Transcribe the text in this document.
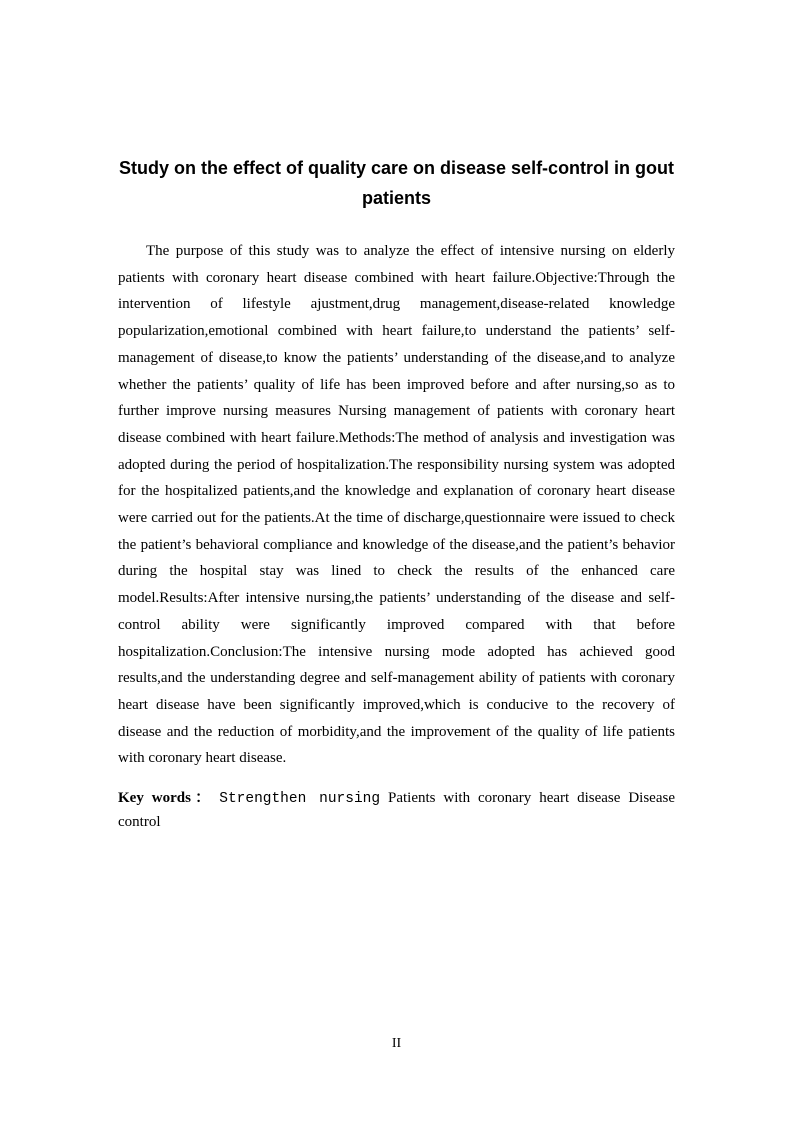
Study on the effect of quality care on disease self-control in gout patients

The purpose of this study was to analyze the effect of intensive nursing on elderly patients with coronary heart disease combined with heart failure.Objective:Through the intervention of lifestyle ajustment,drug management,disease-related knowledge popularization,emotional combined with heart failure,to understand the patients’ self-management of disease,to know the patients’ understanding of the disease,and to analyze whether the patients’ quality of life has been improved before and after nursing,so as to further improve nursing measures Nursing management of patients with coronary heart disease combined with heart failure.Methods:The method of analysis and investigation was adopted during the period of hospitalization.The responsibility nursing system was adopted for the hospitalized patients,and the knowledge and explanation of coronary heart disease were carried out for the patients.At the time of discharge,questionnaire were issued to check the patient’s behavioral compliance and knowledge of the disease,and the patient’s behavior during the hospital stay was lined to check the results of the enhanced care model.Results:After intensive nursing,the patients’ understanding of the disease and self-control ability were significantly improved compared with that before hospitalization.Conclusion:The intensive nursing mode adopted has achieved good results,and the understanding degree and self-management ability of patients with coronary heart disease have been significantly improved,which is conducive to the recovery of disease and the reduction of morbidity,and the improvement of the quality of life patients with coronary heart disease.

Key words： Strengthen nursing Patients with coronary heart disease Disease control

II
